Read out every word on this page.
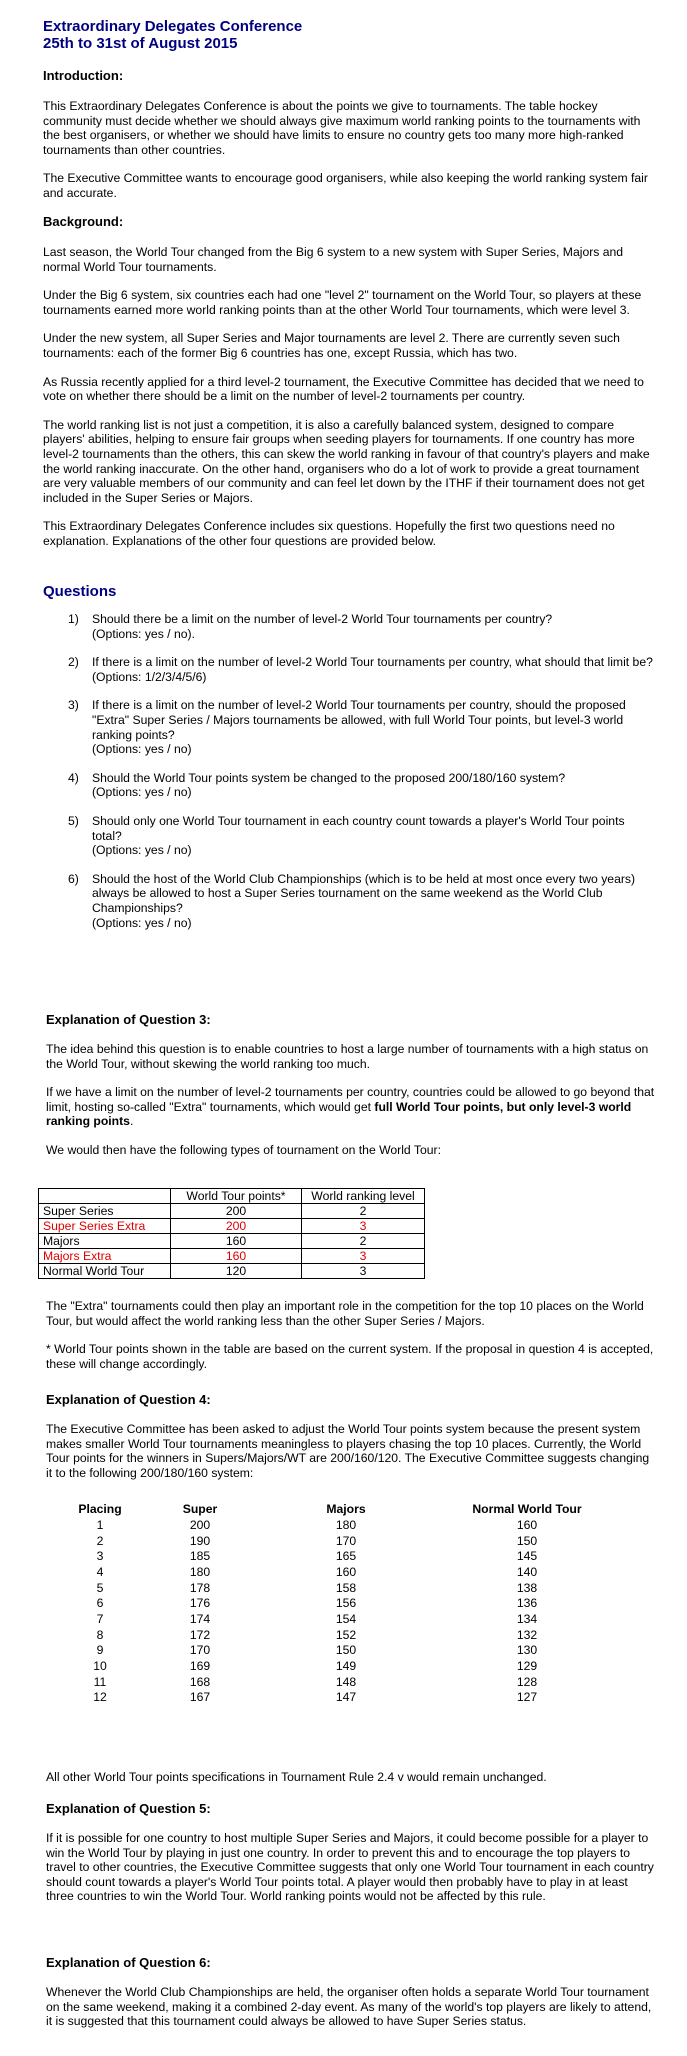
Extraordinary Delegates Conference
25th to 31st of August 2015
Introduction:

This Extraordinary Delegates Conference is about the points we give to tournaments. The table hockey community must decide whether we should always give maximum world ranking points to the tournaments with the best organisers, or whether we should have limits to ensure no country gets too many more high-ranked tournaments than other countries.

The Executive Committee wants to encourage good organisers, while also keeping the world ranking system fair and accurate.

Background:

Last season, the World Tour changed from the Big 6 system to a new system with Super Series, Majors and normal World Tour tournaments.

Under the Big 6 system, six countries each had one "level 2" tournament on the World Tour, so players at these tournaments earned more world ranking points than at the other World Tour tournaments, which were level 3.

Under the new system, all Super Series and Major tournaments are level 2. There are currently seven such tournaments: each of the former Big 6 countries has one, except Russia, which has two.

As Russia recently applied for a third level-2 tournament, the Executive Committee has decided that we need to vote on whether there should be a limit on the number of level-2 tournaments per country.

The world ranking list is not just a competition, it is also a carefully balanced system, designed to compare players' abilities, helping to ensure fair groups when seeding players for tournaments. If one country has more level-2 tournaments than the others, this can skew the world ranking in favour of that country's players and make the world ranking inaccurate. On the other hand, organisers who do a lot of work to provide a great tournament are very valuable members of our community and can feel let down by the ITHF if their tournament does not get included in the Super Series or Majors.

This Extraordinary Delegates Conference includes six questions. Hopefully the first two questions need no explanation. Explanations of the other four questions are provided below.

Questions
1) Should there be a limit on the number of level-2 World Tour tournaments per country?
(Options: yes / no).
2) If there is a limit on the number of level-2 World Tour tournaments per country, what should that limit be?
(Options: 1/2/3/4/5/6)
3) If there is a limit on the number of level-2 World Tour tournaments per country, should the proposed "Extra" Super Series / Majors tournaments be allowed, with full World Tour points, but level-3 world ranking points?
(Options: yes / no)
4) Should the World Tour points system be changed to the proposed 200/180/160 system?
(Options: yes / no)
5) Should only one World Tour tournament in each country count towards a player's World Tour points total?
(Options: yes / no)
6) Should the host of the World Club Championships (which is to be held at most once every two years) always be allowed to host a Super Series tournament on the same weekend as the World Club Championships?
(Options: yes / no)
Explanation of Question 3:

The idea behind this question is to enable countries to host a large number of tournaments with a high status on the World Tour, without skewing the world ranking too much.

If we have a limit on the number of level-2 tournaments per country, countries could be allowed to go beyond that limit, hosting so-called "Extra" tournaments, which would get full World Tour points, but only level-3 world ranking points.

We would then have the following types of tournament on the World Tour:

	World Tour points*	World ranking level
Super Series	200	2
Super Series Extra	200	3
Majors	160	2
Majors Extra	160	3
Normal World Tour	120	3

The "Extra" tournaments could then play an important role in the competition for the top 10 places on the World Tour, but would affect the world ranking less than the other Super Series / Majors.

* World Tour points shown in the table are based on the current system. If the proposal in question 4 is accepted, these will change accordingly.

Explanation of Question 4:

The Executive Committee has been asked to adjust the World Tour points system because the present system makes smaller World Tour tournaments meaningless to players chasing the top 10 places. Currently, the World Tour points for the winners in Supers/Majors/WT are 200/160/120. The Executive Committee suggests changing it to the following 200/180/160 system:

Placing	Super	Majors	Normal World Tour
1	200	180	160
2	190	170	150
3	185	165	145
4	180	160	140
5	178	158	138
6	176	156	136
7	174	154	134
8	172	152	132
9	170	150	130
10	169	149	129
11	168	148	128
12	167	147	127

All other World Tour points specifications in Tournament Rule 2.4 v would remain unchanged.

Explanation of Question 5:

If it is possible for one country to host multiple Super Series and Majors, it could become possible for a player to win the World Tour by playing in just one country. In order to prevent this and to encourage the top players to travel to other countries, the Executive Committee suggests that only one World Tour tournament in each country should count towards a player's World Tour points total. A player would then probably have to play in at least three countries to win the World Tour. World ranking points would not be affected by this rule.

Explanation of Question 6:

Whenever the World Club Championships are held, the organiser often holds a separate World Tour tournament on the same weekend, making it a combined 2-day event. As many of the world's top players are likely to attend, it is suggested that this tournament could always be allowed to have Super Series status.
